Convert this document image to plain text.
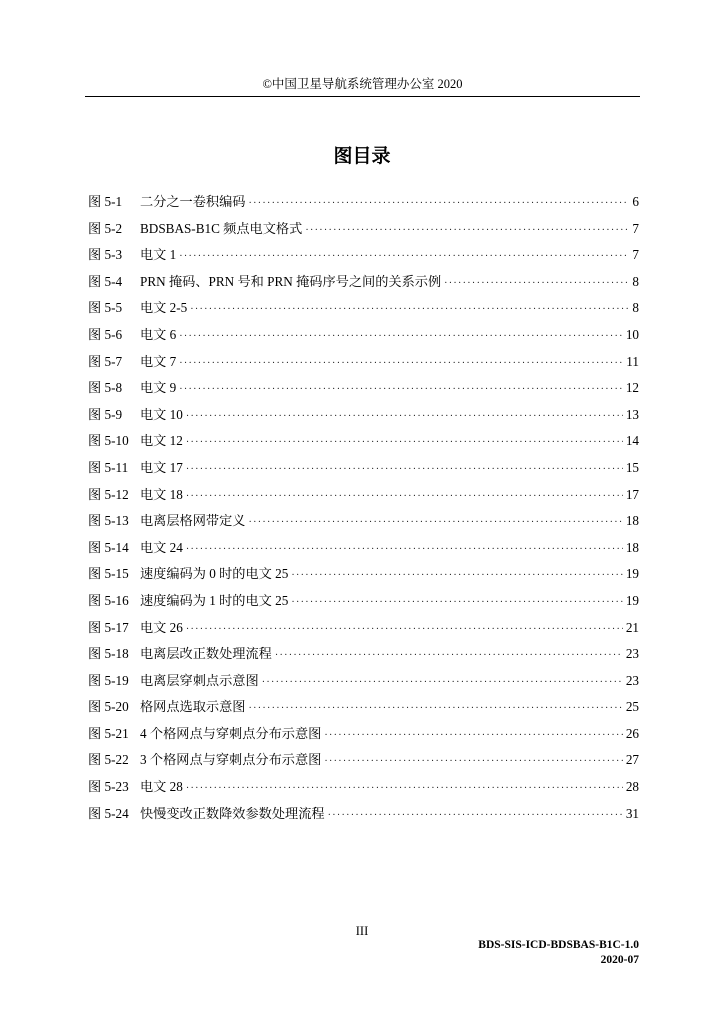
©中国卫星导航系统管理办公室 2020
图目录
图 5-1	二分之一卷积编码 ·····	6
图 5-2	BDSBAS-B1C 频点电文格式 ·····	7
图 5-3	电文 1 ·····	7
图 5-4	PRN 掩码、PRN 号和 PRN 掩码序号之间的关系示例 ·····	8
图 5-5	电文 2-5 ·····	8
图 5-6	电文 6 ·····	10
图 5-7	电文 7 ·····	11
图 5-8	电文 9 ·····	12
图 5-9	电文 10 ·····	13
图 5-10 电文 12 ·····	14
图 5-11 电文 17 ·····	15
图 5-12 电文 18 ·····	17
图 5-13 电离层格网带定义 ·····	18
图 5-14 电文 24 ·····	18
图 5-15 速度编码为 0 时的电文 25 ·····	19
图 5-16 速度编码为 1 时的电文 25 ·····	19
图 5-17 电文 26 ·····	21
图 5-18 电离层改正数处理流程 ·····	23
图 5-19 电离层穿刺点示意图 ·····	23
图 5-20 格网点选取示意图 ·····	25
图 5-21 4 个格网点与穿刺点分布示意图 ·····	26
图 5-22 3 个格网点与穿刺点分布示意图 ·····	27
图 5-23 电文 28 ·····	28
图 5-24 快慢变改正数降效参数处理流程 ·····	31
III
BDS-SIS-ICD-BDSBAS-B1C-1.0
2020-07
